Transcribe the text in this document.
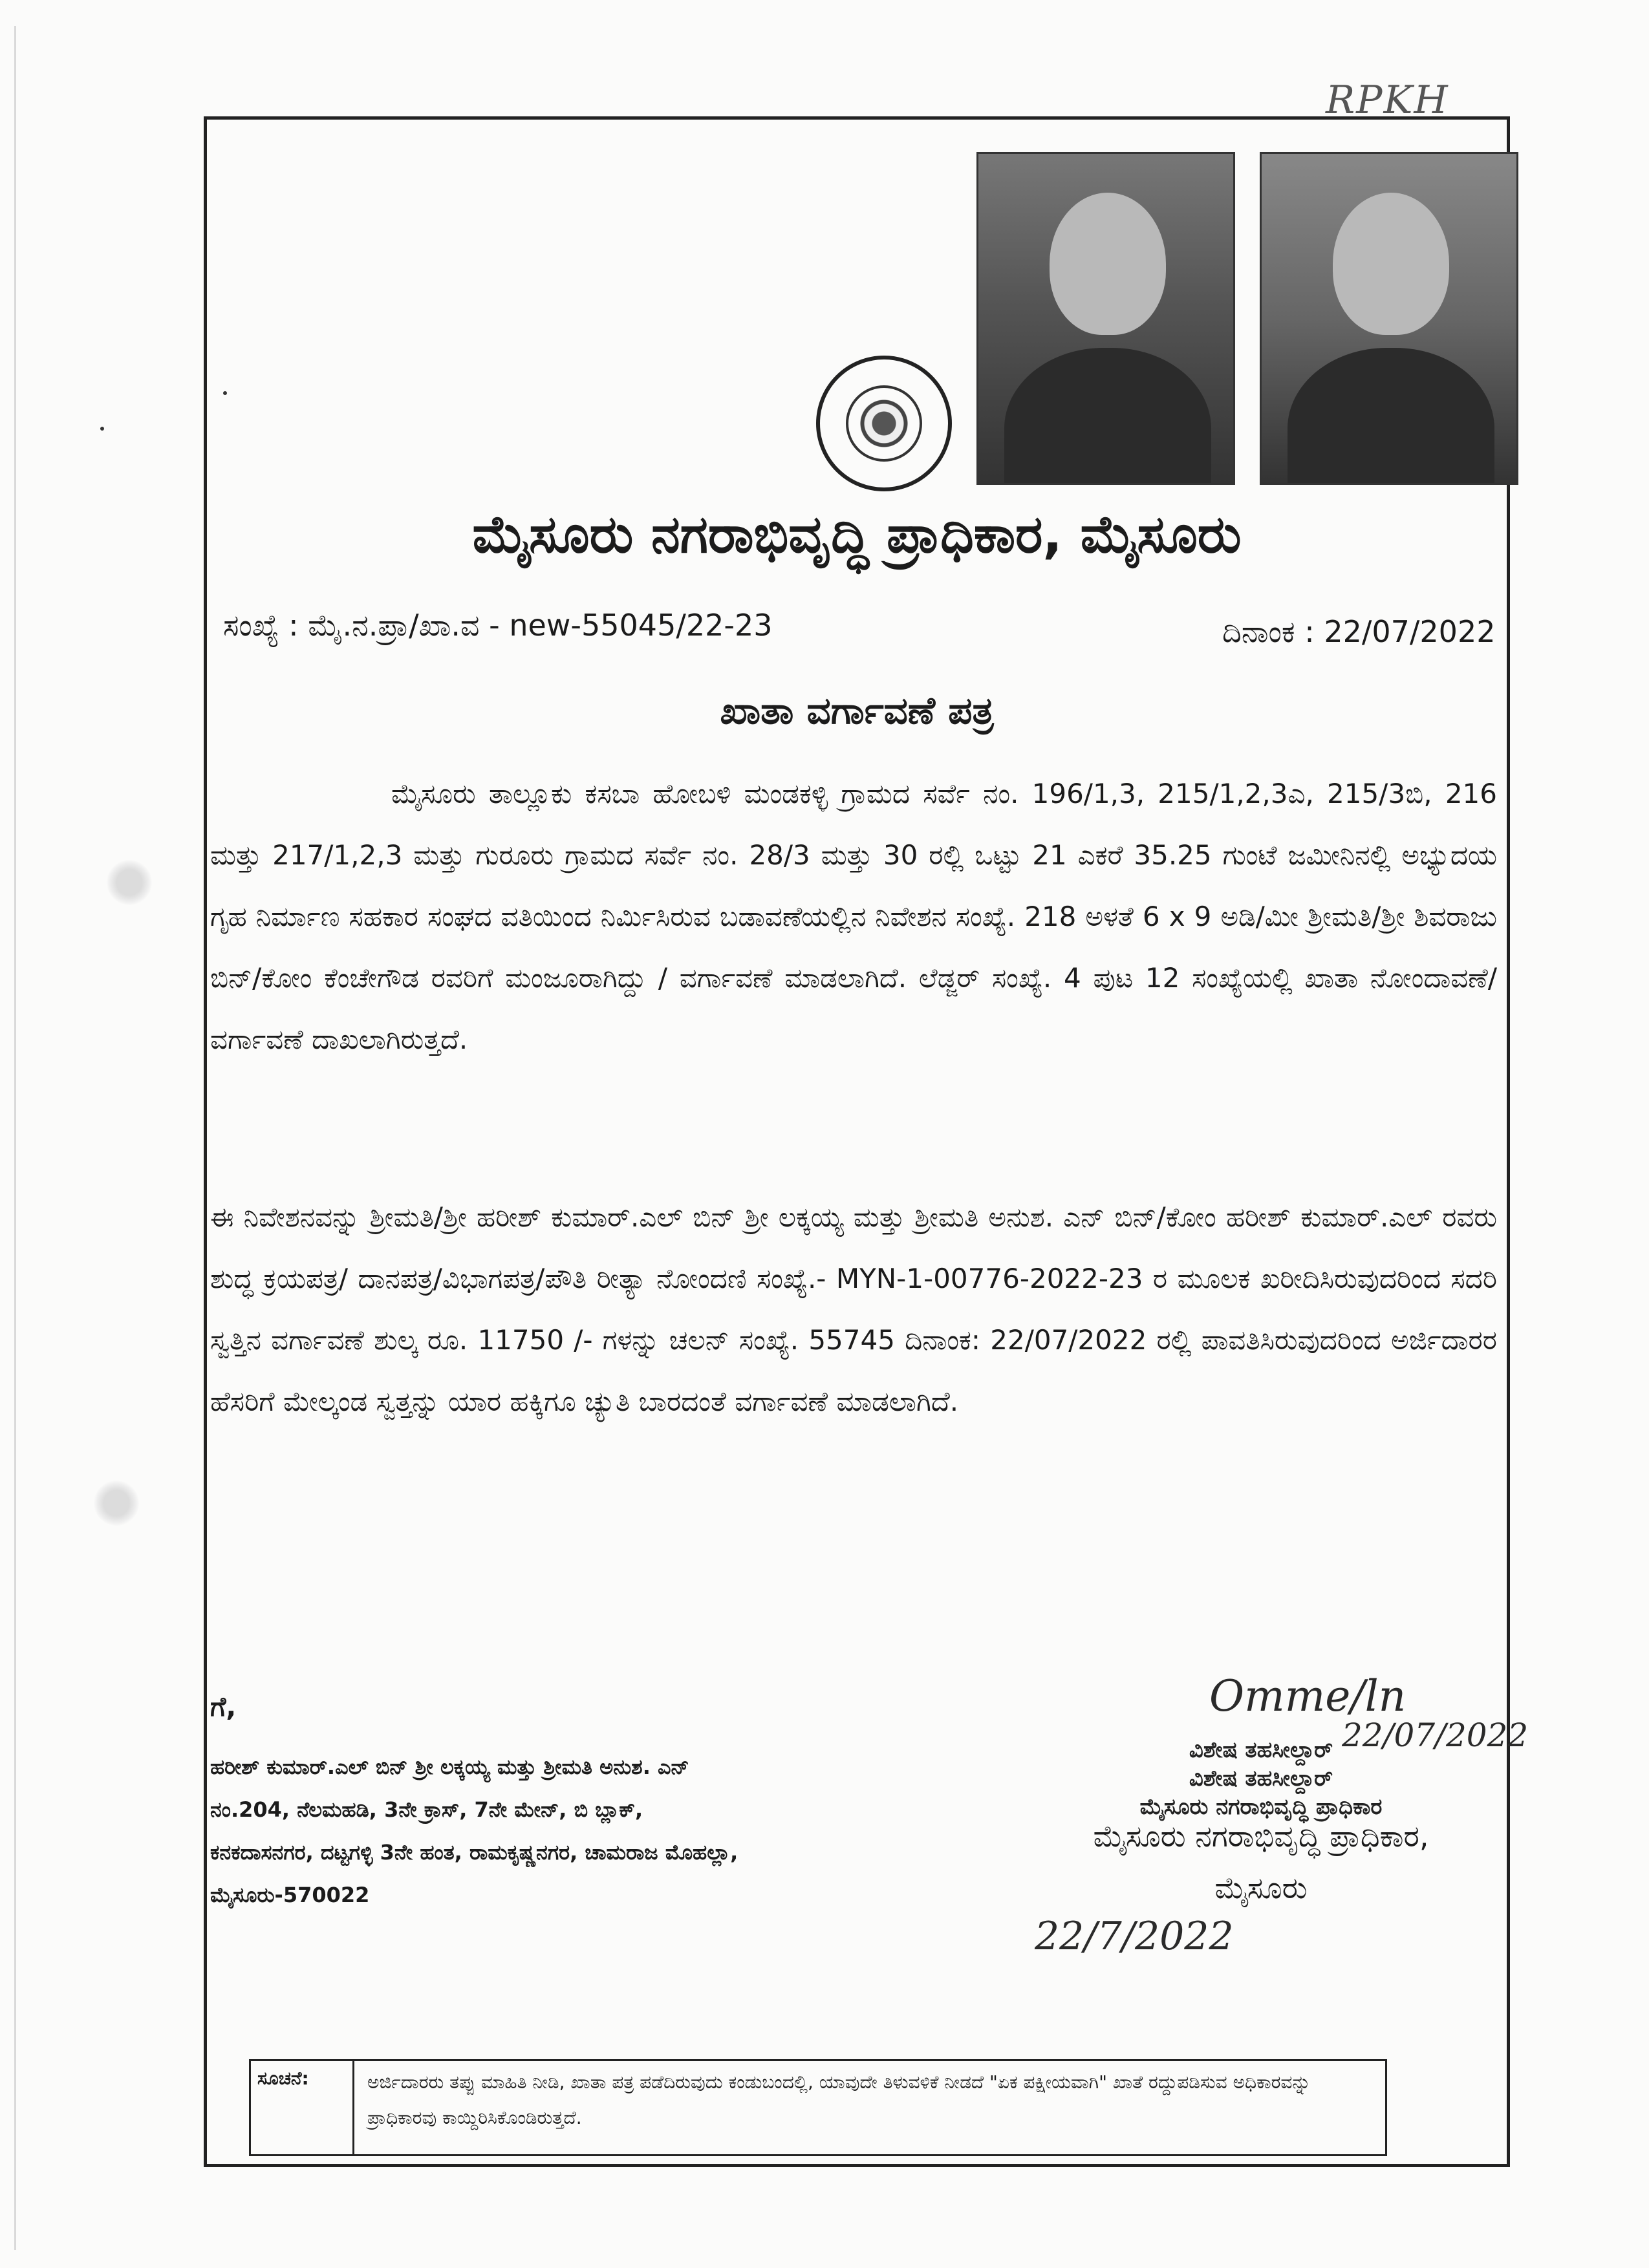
RPKH
ಮೈಸೂರು ನಗರಾಭಿವೃದ್ಧಿ ಪ್ರಾಧಿಕಾರ, ಮೈಸೂರು
ಸಂಖ್ಯೆ : ಮೈ.ನ.ಪ್ರಾ/ಖಾ.ವ - new-55045/22-23	ದಿನಾಂಕ : 22/07/2022
ಖಾತಾ ವರ್ಗಾವಣೆ ಪತ್ರ

ಮೈಸೂರು ತಾಲ್ಲೂಕು ಕಸಬಾ ಹೋಬಳಿ ಮಂಡಕಳ್ಳಿ ಗ್ರಾಮದ ಸರ್ವೆ ನಂ. 196/1,3, 215/1,2,3ಎ, 215/3ಬಿ, 216 ಮತ್ತು 217/1,2,3 ಮತ್ತು ಗುರೂರು ಗ್ರಾಮದ ಸರ್ವೆ ನಂ. 28/3 ಮತ್ತು 30 ರಲ್ಲಿ ಒಟ್ಟು 21 ಎಕರೆ 35.25 ಗುಂಟೆ ಜಮೀನಿನಲ್ಲಿ ಅಭ್ಯುದಯ ಗೃಹ ನಿರ್ಮಾಣ ಸಹಕಾರ ಸಂಘದ ವತಿಯಿಂದ ನಿರ್ಮಿಸಿರುವ ಬಡಾವಣೆಯಲ್ಲಿನ ನಿವೇಶನ ಸಂಖ್ಯೆ. 218 ಅಳತೆ 6 x 9 ಅಡಿ/ಮೀ ಶ್ರೀಮತಿ/ಶ್ರೀ ಶಿವರಾಜು ಬಿನ್/ಕೋಂ ಕೆಂಚೇಗೌಡ ರವರಿಗೆ ಮಂಜೂರಾಗಿದ್ದು / ವರ್ಗಾವಣೆ ಮಾಡಲಾಗಿದೆ. ಲೆಡ್ಜರ್ ಸಂಖ್ಯೆ. 4 ಪುಟ 12 ಸಂಖ್ಯೆಯಲ್ಲಿ ಖಾತಾ ನೋಂದಾವಣೆ/ ವರ್ಗಾವಣೆ ದಾಖಲಾಗಿರುತ್ತದೆ.

ಈ ನಿವೇಶನವನ್ನು ಶ್ರೀಮತಿ/ಶ್ರೀ ಹರೀಶ್ ಕುಮಾರ್.ಎಲ್ ಬಿನ್ ಶ್ರೀ ಲಕ್ಕಯ್ಯ ಮತ್ತು ಶ್ರೀಮತಿ ಅನುಶ. ಎನ್ ಬಿನ್/ಕೋಂ ಹರೀಶ್ ಕುಮಾರ್.ಎಲ್ ರವರು ಶುದ್ಧ ಕ್ರಯಪತ್ರ/ ದಾನಪತ್ರ/ವಿಭಾಗಪತ್ರ/ಪೌತಿ ರೀತ್ಯಾ ನೋಂದಣಿ ಸಂಖ್ಯೆ.- MYN-1-00776-2022-23 ರ ಮೂಲಕ ಖರೀದಿಸಿರುವುದರಿಂದ ಸದರಿ ಸ್ವತ್ತಿನ ವರ್ಗಾವಣೆ ಶುಲ್ಕ ರೂ. 11750 /- ಗಳನ್ನು ಚಲನ್ ಸಂಖ್ಯೆ. 55745 ದಿನಾಂಕ: 22/07/2022 ರಲ್ಲಿ ಪಾವತಿಸಿರುವುದರಿಂದ ಅರ್ಜಿದಾರರ ಹೆಸರಿಗೆ ಮೇಲ್ಕಂಡ ಸ್ವತ್ತನ್ನು ಯಾರ ಹಕ್ಕಿಗೂ ಚ್ಯುತಿ ಬಾರದಂತೆ ವರ್ಗಾವಣೆ ಮಾಡಲಾಗಿದೆ.

ಗೆ,
ಹರೀಶ್ ಕುಮಾರ್.ಎಲ್ ಬಿನ್ ಶ್ರೀ ಲಕ್ಕಯ್ಯ ಮತ್ತು ಶ್ರೀಮತಿ ಅನುಶ. ಎನ್
ನಂ.204, ನೆಲಮಹಡಿ, 3ನೇ ಕ್ರಾಸ್, 7ನೇ ಮೇನ್, ಬಿ ಬ್ಲಾಕ್,
ಕನಕದಾಸನಗರ, ದಟ್ಟಗಳ್ಳಿ 3ನೇ ಹಂತ, ರಾಮಕೃಷ್ಣನಗರ, ಚಾಮರಾಜ ಮೊಹಲ್ಲಾ,
ಮೈಸೂರು-570022
Omme/ln
22/07/2022
ವಿಶೇಷ ತಹಸೀಲ್ದಾರ್
ವಿಶೇಷ ತಹಸೀಲ್ದಾರ್
ಮೈಸೂರು ನಗರಾಭಿವೃದ್ಧಿ ಪ್ರಾಧಿಕಾರ
ಮೈಸೂರು ನಗರಾಭಿವೃದ್ಧಿ ಪ್ರಾಧಿಕಾರ,
ಮೈಸೂರು
22/7/2022
ಸೂಚನೆ:	ಅರ್ಜಿದಾರರು ತಪ್ಪು ಮಾಹಿತಿ ನೀಡಿ, ಖಾತಾ ಪತ್ರ ಪಡೆದಿರುವುದು ಕಂಡುಬಂದಲ್ಲಿ, ಯಾವುದೇ ತಿಳುವಳಿಕೆ ನೀಡದೆ "ಏಕ ಪಕ್ಷೀಯವಾಗಿ" ಖಾತೆ ರದ್ದುಪಡಿಸುವ ಅಧಿಕಾರವನ್ನು ಪ್ರಾಧಿಕಾರವು ಕಾಯ್ದಿರಿಸಿಕೊಂಡಿರುತ್ತದೆ.
